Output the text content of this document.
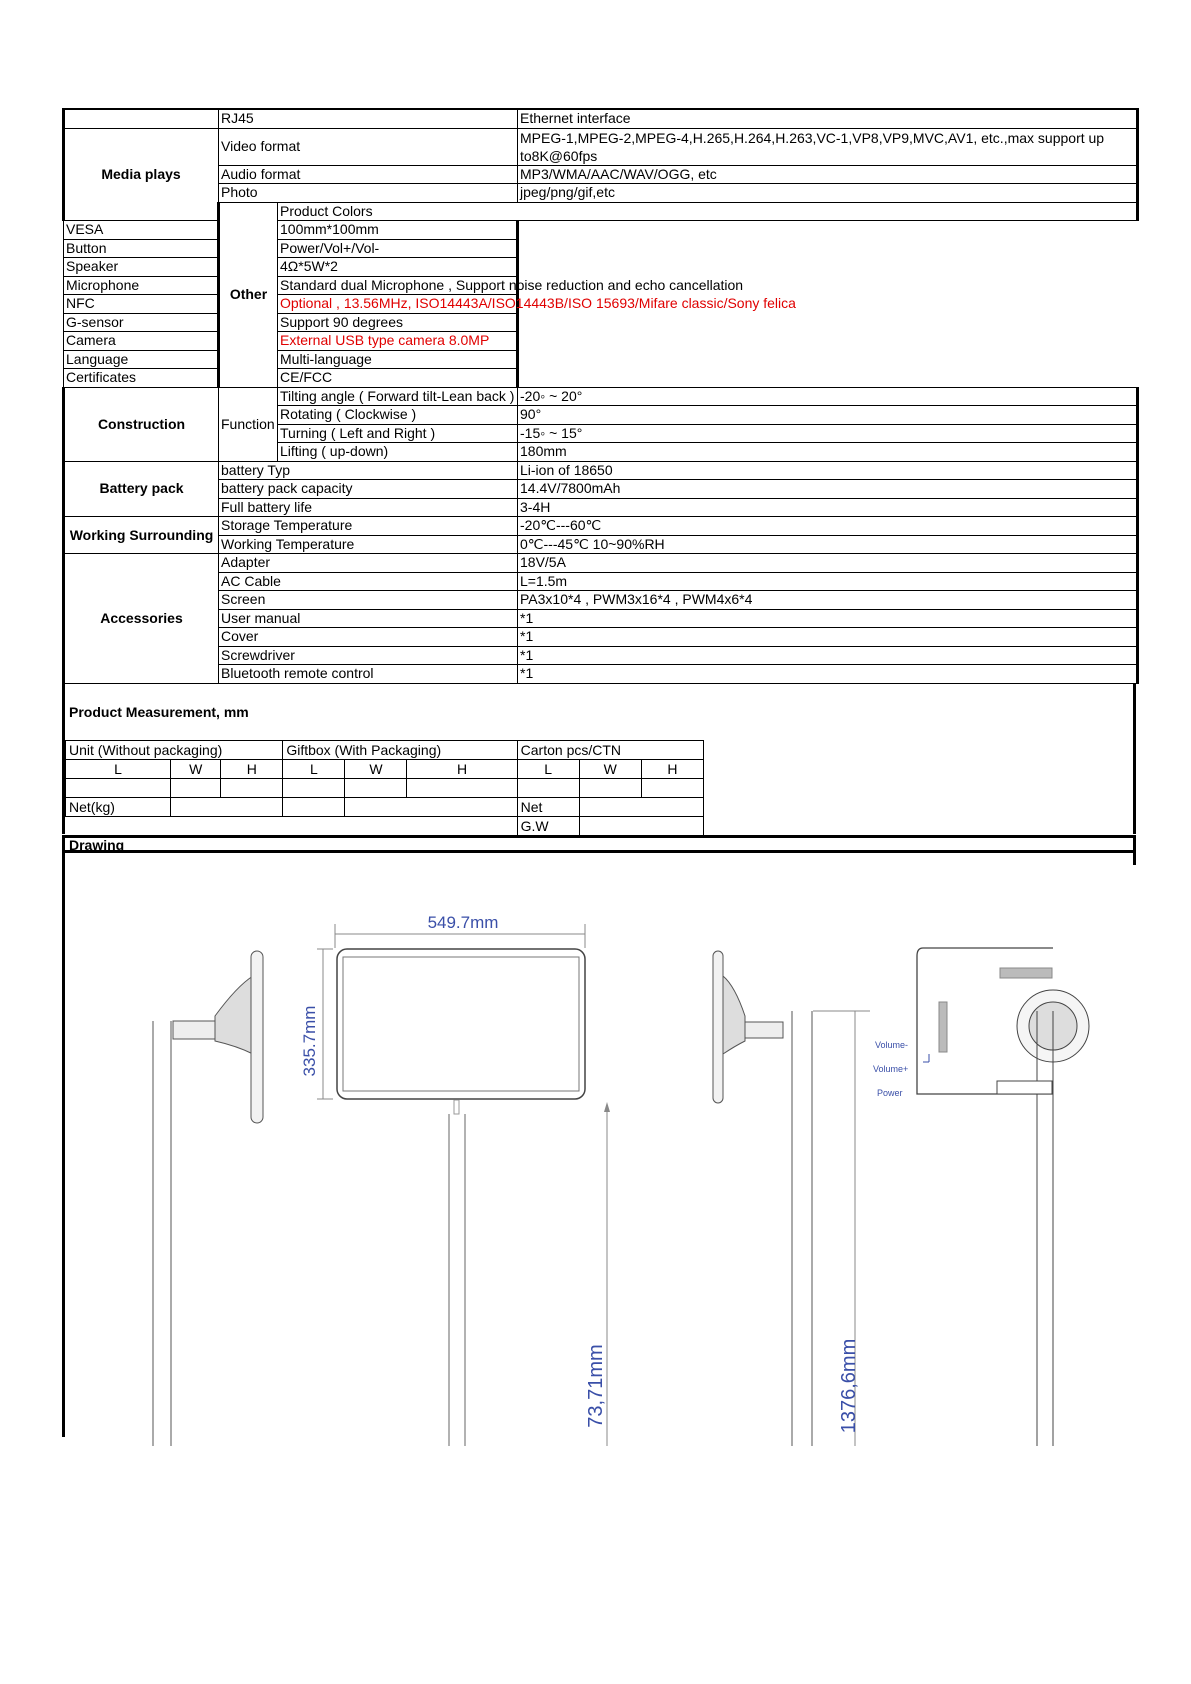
	RJ45		Ethernet interface	
Media plays	Video format		MPEG-1,MPEG-2,MPEG-4,H.265,H.264,H.263,VC-1,VP8,VP9,MVC,AV1, etc.,max support up to8K@60fps	
	Audio format		MP3/WMA/AAC/WAV/OGG, etc	
	Photo		jpeg/png/gif,etc	
	Other	Product Colors	
VESA		100mm*100mm		
Button		Power/Vol+/Vol-		
Speaker		4Ω*5W*2		
Microphone		Standard dual Microphone , Support noise reduction and echo cancellation		
NFC		Optional , 13.56MHz, ISO14443A/ISO14443B/ISO 15693/Mifare classic/Sony felica		
G-sensor		Support 90 degrees		
Camera		External USB type camera 8.0MP		
Language		Multi-language		
Certificates		CE/FCC		
Construction	Function	Tilting angle ( Forward tilt-Lean back )	-20◦ ~ 20°	
		Rotating ( Clockwise )	90°	
		Turning ( Left and Right )	-15◦ ~ 15°	
		Lifting ( up-down)	180mm	
Battery pack	battery Typ		Li-ion of 18650	
	battery pack capacity		14.4V/7800mAh	
	Full battery life		3-4H	
Working Surrounding	Storage Temperature		-20℃---60℃	
	Working Temperature		0℃---45℃ 10~90%RH	
Accessories	Adapter		18V/5A	
	AC Cable		L=1.5m	
	Screen		PA3x10*4 , PWM3x16*4 , PWM4x6*4	
	User manual		*1	
	Cover		*1	
	Screwdriver		*1	
	Bluetooth remote control		*1	
Product Measurement, mm
Unit (Without packaging)			Giftbox (With Packaging)			Carton pcs/CTN		
L	W	H	L	W	H	L	W	H

Net(kg)						Net		
						G.W		
Drawing
549.7mm
335.7mm
73,71mm	1376,6mm
Volume-
Volume+
Power
